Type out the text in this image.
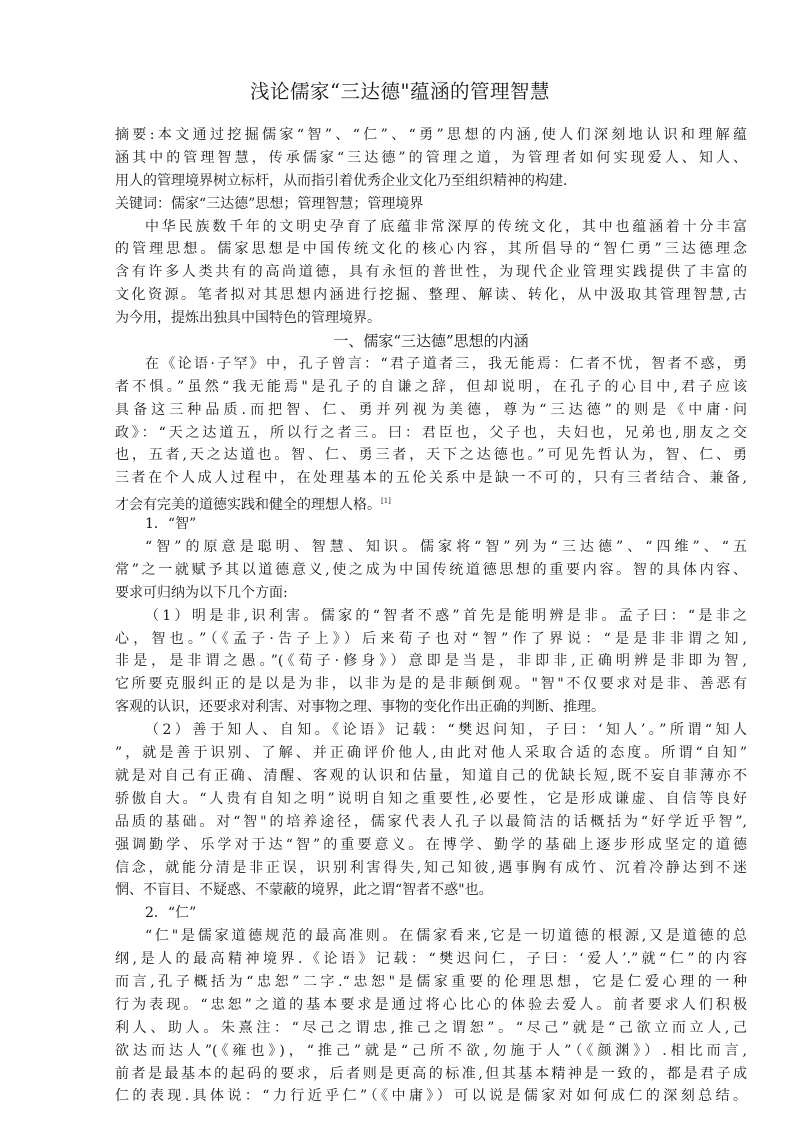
浅论儒家“三达德"蕴涵的管理智慧
摘要:本文通过挖掘儒家“智”、“仁”、“勇”思想的内涵,使人们深刻地认识和理解蕴
涵其中的管理智慧，传承儒家“三达德”的管理之道，为管理者如何实现爱人、知人、
用人的管理境界树立标杆，从而指引着优秀企业文化乃至组织精神的构建.
关键词：儒家“三达德”思想；管理智慧；管理境界
中华民族数千年的文明史孕育了底蕴非常深厚的传统文化，其中也蕴涵着十分丰富
的管理思想。儒家思想是中国传统文化的核心内容，其所倡导的“智仁勇”三达德理念
含有许多人类共有的高尚道德，具有永恒的普世性，为现代企业管理实践提供了丰富的
文化资源。笔者拟对其思想内涵进行挖掘、整理、解读、转化，从中汲取其管理智慧,古
为今用，提炼出独具中国特色的管理境界。
一、儒家“三达德”思想的内涵
在《论语·子罕》中，孔子曾言：“君子道者三，我无能焉：仁者不忧，智者不惑，勇
者不惧。”虽然“我无能焉"是孔子的自谦之辞，但却说明，在孔子的心目中,君子应该
具备这三种品质.而把智、仁、勇并列视为美德，尊为“三达德”的则是《中庸·问
政》：“天之达道五，所以行之者三。曰：君臣也，父子也，夫妇也，兄弟也,朋友之交
也，五者,天之达道也。智、仁、勇三者，天下之达德也。”可见先哲认为，智、仁、勇
三者在个人成人过程中，在处理基本的五伦关系中是缺一不可的，只有三者结合、兼备,
才会有完美的道德实践和健全的理想人格。[1]
1．“智”
“智”的原意是聪明、智慧、知识。儒家将“智”列为“三达德”、“四维”、“五
常”之一就赋予其以道德意义,使之成为中国传统道德思想的重要内容。智的具体内容、
要求可归纳为以下几个方面:
（1）明是非,识利害。儒家的“智者不惑”首先是能明辨是非。孟子曰：“是非之
心，智也。”（《孟子·告子上》）后来荀子也对“智”作了界说：“是是非非谓之知,
非是，是非谓之愚。”(《荀子·修身》）意即是当是，非即非,正确明辨是非即为智,
它所要克服纠正的是以是为非，以非为是的是非颠倒观。"智"不仅要求对是非、善恶有
客观的认识，还要求对利害、对事物之理、事物的变化作出正确的判断、推理。
（2）善于知人、自知。《论语》记载：“樊迟问知，子曰：‘知人’。”所谓“知人
”，就是善于识别、了解、并正确评价他人,由此对他人采取合适的态度。所谓“自知”
就是对自己有正确、清醒、客观的认识和估量，知道自己的优缺长短,既不妄自菲薄亦不
骄傲自大。“人贵有自知之明”说明自知之重要性,必要性，它是形成谦虚、自信等良好
品质的基础。对“智"的培养途径，儒家代表人孔子以最简洁的话概括为“好学近乎智”,
强调勤学、乐学对于达“智”的重要意义。在博学、勤学的基础上逐步形成坚定的道德
信念，就能分清是非正误，识别利害得失,知己知彼,遇事胸有成竹、沉着冷静达到不迷
惘、不盲目、不疑惑、不蒙蔽的境界，此之谓“智者不惑"也。
2．“仁”
“仁"是儒家道德规范的最高准则。在儒家看来,它是一切道德的根源,又是道德的总
纲,是人的最高精神境界.《论语》记载：“樊迟问仁，子曰：‘爱人’.”就“仁”的内容
而言,孔子概括为“忠恕”二字.“忠恕"是儒家重要的伦理思想，它是仁爱心理的一种
行为表现。“忠恕”之道的基本要求是通过将心比心的体验去爱人。前者要求人们积极
利人、助人。朱熹注：“尽己之谓忠,推己之谓恕”。“尽己”就是“己欲立而立人,己
欲达而达人”(《雍也》)，“推己”就是“己所不欲,勿施于人”（《颜渊》）.相比而言,
前者是最基本的起码的要求，后者则是更高的标准,但其基本精神是一致的，都是君子成
仁的表现.具体说：“力行近乎仁”（《中庸》）可以说是儒家对如何成仁的深刻总结。
